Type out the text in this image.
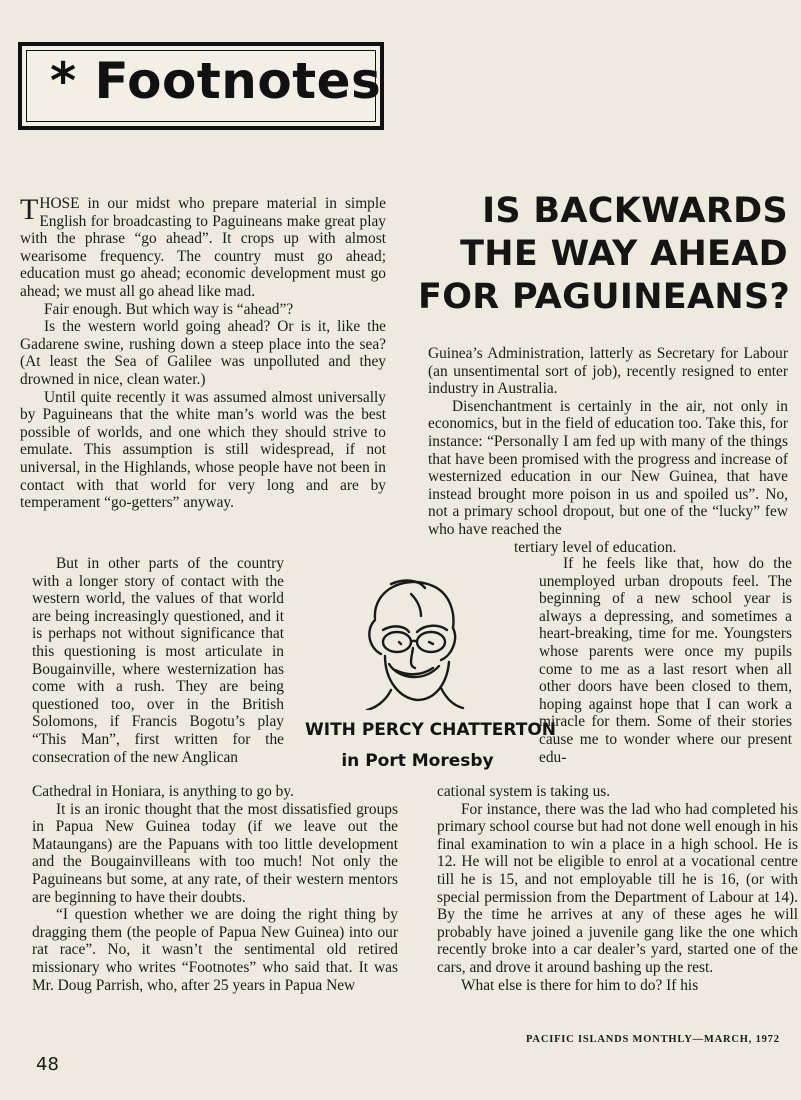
* Footnotes
IS BACKWARDS
THE WAY AHEAD
FOR PAGUINEANS?

THOSE in our midst who prepare material in simple English for broadcasting to Paguineans make great play with the phrase “go ahead”. It crops up with almost wearisome frequency. The country must go ahead; education must go ahead; economic development must go ahead; we must all go ahead like mad.

Fair enough. But which way is “ahead”?

Is the western world going ahead? Or is it, like the Gadarene swine, rushing down a steep place into the sea? (At least the Sea of Galilee was unpolluted and they drowned in nice, clean water.)

Until quite recently it was assumed almost universally by Paguineans that the white man’s world was the best possible of worlds, and one which they should strive to emulate. This assumption is still widespread, if not universal, in the Highlands, whose people have not been in contact with that world for very long and are by temperament “go-getters” anyway.

But in other parts of the country with a longer story of contact with the western world, the values of that world are being increasingly questioned, and it is perhaps not without significance that this questioning is most articulate in Bougainville, where westernization has come with a rush. They are being questioned too, over in the British Solomons, if Francis Bogotu’s play “This Man”, first written for the consecration of the new Anglican

Cathedral in Honiara, is anything to go by.

It is an ironic thought that the most dissatisfied groups in Papua New Guinea today (if we leave out the Mataungans) are the Papuans with too little development and the Bougainvilleans with too much! Not only the Paguineans but some, at any rate, of their western mentors are beginning to have their doubts.

“I question whether we are doing the right thing by dragging them (the people of Papua New Guinea) into our rat race”. No, it wasn’t the sentimental old retired missionary who writes “Footnotes” who said that. It was Mr. Doug Parrish, who, after 25 years in Papua New

Guinea’s Administration, latterly as Secretary for Labour (an unsentimental sort of job), recently resigned to enter industry in Australia.

Disenchantment is certainly in the air, not only in economics, but in the field of education too. Take this, for instance: “Personally I am fed up with many of the things that have been promised with the progress and increase of westernized education in our New Guinea, that have instead brought more poison in us and spoiled us”. No, not a primary school dropout, but one of the “lucky” few who have reached the

tertiary level of education.

WITH PERCY CHATTERTON
in Port Moresby

If he feels like that, how do the unemployed urban dropouts feel. The beginning of a new school year is always a depressing, and sometimes a heart-breaking, time for me. Youngsters whose parents were once my pupils come to me as a last resort when all other doors have been closed to them, hoping against hope that I can work a miracle for them. Some of their stories cause me to wonder where our present edu-

cational system is taking us.

For instance, there was the lad who had completed his primary school course but had not done well enough in his final examination to win a place in a high school. He is 12. He will not be eligible to enrol at a vocational centre till he is 15, and not employable till he is 16, (or with special permission from the Department of Labour at 14). By the time he arrives at any of these ages he will probably have joined a juvenile gang like the one which recently broke into a car dealer’s yard, started one of the cars, and drove it around bashing up the rest.

What else is there for him to do? If his

48
PACIFIC ISLANDS MONTHLY—MARCH, 1972
